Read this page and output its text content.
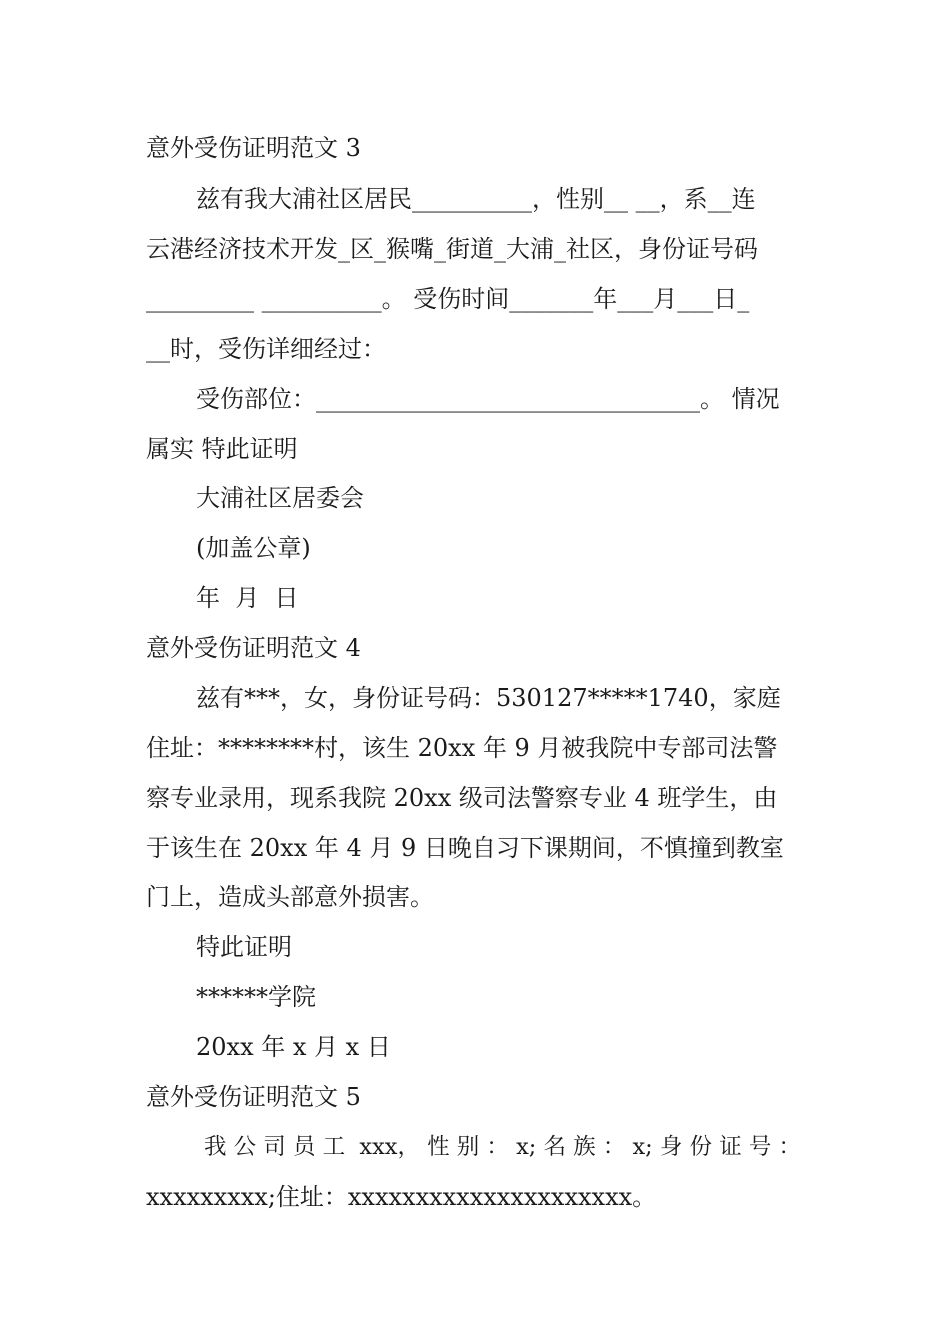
意外受伤证明范文 3
兹有我大浦社区居民__________，性别__ __，系__连
云港经济技术开发_区_猴嘴_街道_大浦_社区，身份证号码
_________ __________。 受伤时间_______年___月___日_
__时，受伤详细经过：
受伤部位：________________________________。 情况
属实 特此证明
大浦社区居委会
(加盖公章)
年  月  日
意外受伤证明范文 4
兹有***，女，身份证号码：530127*****1740，家庭
住址：********村，该生 20xx 年 9 月被我院中专部司法警
察专业录用，现系我院 20xx 级司法警察专业 4 班学生，由
于该生在 20xx 年 4 月 9 日晚自习下课期间，不慎撞到教室
门上，造成头部意外损害。
特此证明
******学院
20xx 年 x 月 x 日
意外受伤证明范文 5
我 公 司 员 工  xxx， 性 别 ： x; 名 族 ： x; 身 份 证 号 ：
xxxxxxxxx;住址：xxxxxxxxxxxxxxxxxxxxx。
